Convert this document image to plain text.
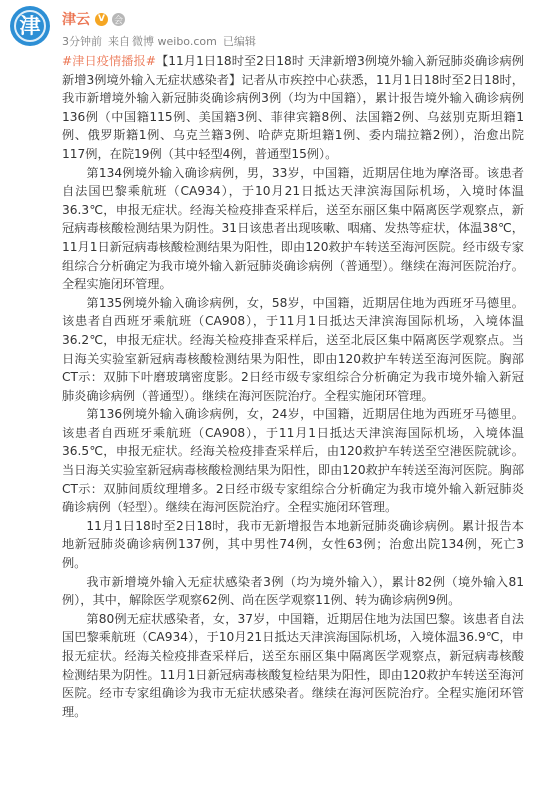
津 津云 V	会
3分钟前 来自 微博 weibo.com 已编辑

#津日疫情播报#【11月1日18时至2日18时 天津新增3例境外输入新冠肺炎确诊病例 新增3例境外输入无症状感染者】记者从市疾控中心获悉，11月1日18时至2日18时，我市新增境外输入新冠肺炎确诊病例3例（均为中国籍），累计报告境外输入确诊病例136例（中国籍115例、美国籍3例、菲律宾籍8例、法国籍2例、乌兹别克斯坦籍1例、俄罗斯籍1例、乌克兰籍3例、哈萨克斯坦籍1例、委内瑞拉籍2例），治愈出院117例，在院19例（其中轻型4例，普通型15例）。

第134例境外输入确诊病例，男，33岁，中国籍，近期居住地为摩洛哥。该患者自法国巴黎乘航班（CA934），于10月21日抵达天津滨海国际机场，入境时体温36.3℃，申报无症状。经海关检疫排查采样后，送至东丽区集中隔离医学观察点，新冠病毒核酸检测结果为阴性。31日该患者出现咳嗽、咽痛、发热等症状，体温38℃，11月1日新冠病毒核酸检测结果为阳性，即由120救护车转送至海河医院。经市级专家组综合分析确定为我市境外输入新冠肺炎确诊病例（普通型）。继续在海河医院治疗。全程实施闭环管理。

第135例境外输入确诊病例，女，58岁，中国籍，近期居住地为西班牙马德里。该患者自西班牙乘航班（CA908），于11月1日抵达天津滨海国际机场，入境体温36.2℃，申报无症状。经海关检疫排查采样后，送至北辰区集中隔离医学观察点。当日海关实验室新冠病毒核酸检测结果为阳性，即由120救护车转送至海河医院。胸部CT示：双肺下叶磨玻璃密度影。2日经市级专家组综合分析确定为我市境外输入新冠肺炎确诊病例（普通型）。继续在海河医院治疗。全程实施闭环管理。

第136例境外输入确诊病例，女，24岁，中国籍，近期居住地为西班牙马德里。该患者自西班牙乘航班（CA908），于11月1日抵达天津滨海国际机场，入境体温36.5℃，申报无症状。经海关检疫排查采样后，由120救护车转送至空港医院就诊。当日海关实验室新冠病毒核酸检测结果为阳性，即由120救护车转送至海河医院。胸部CT示：双肺间质纹理增多。2日经市级专家组综合分析确定为我市境外输入新冠肺炎确诊病例（轻型）。继续在海河医院治疗。全程实施闭环管理。

11月1日18时至2日18时，我市无新增报告本地新冠肺炎确诊病例。累计报告本地新冠肺炎确诊病例137例，其中男性74例，女性63例；治愈出院134例，死亡3例。

我市新增境外输入无症状感染者3例（均为境外输入），累计82例（境外输入81例），其中，解除医学观察62例、尚在医学观察11例、转为确诊病例9例。

第80例无症状感染者，女，37岁，中国籍，近期居住地为法国巴黎。该患者自法国巴黎乘航班（CA934），于10月21日抵达天津滨海国际机场，入境体温36.9℃，申报无症状。经海关检疫排查采样后，送至东丽区集中隔离医学观察点，新冠病毒核酸检测结果为阴性。11月1日新冠病毒核酸复检结果为阳性，即由120救护车转送至海河医院。经市专家组确诊为我市无症状感染者。继续在海河医院治疗。全程实施闭环管理。
